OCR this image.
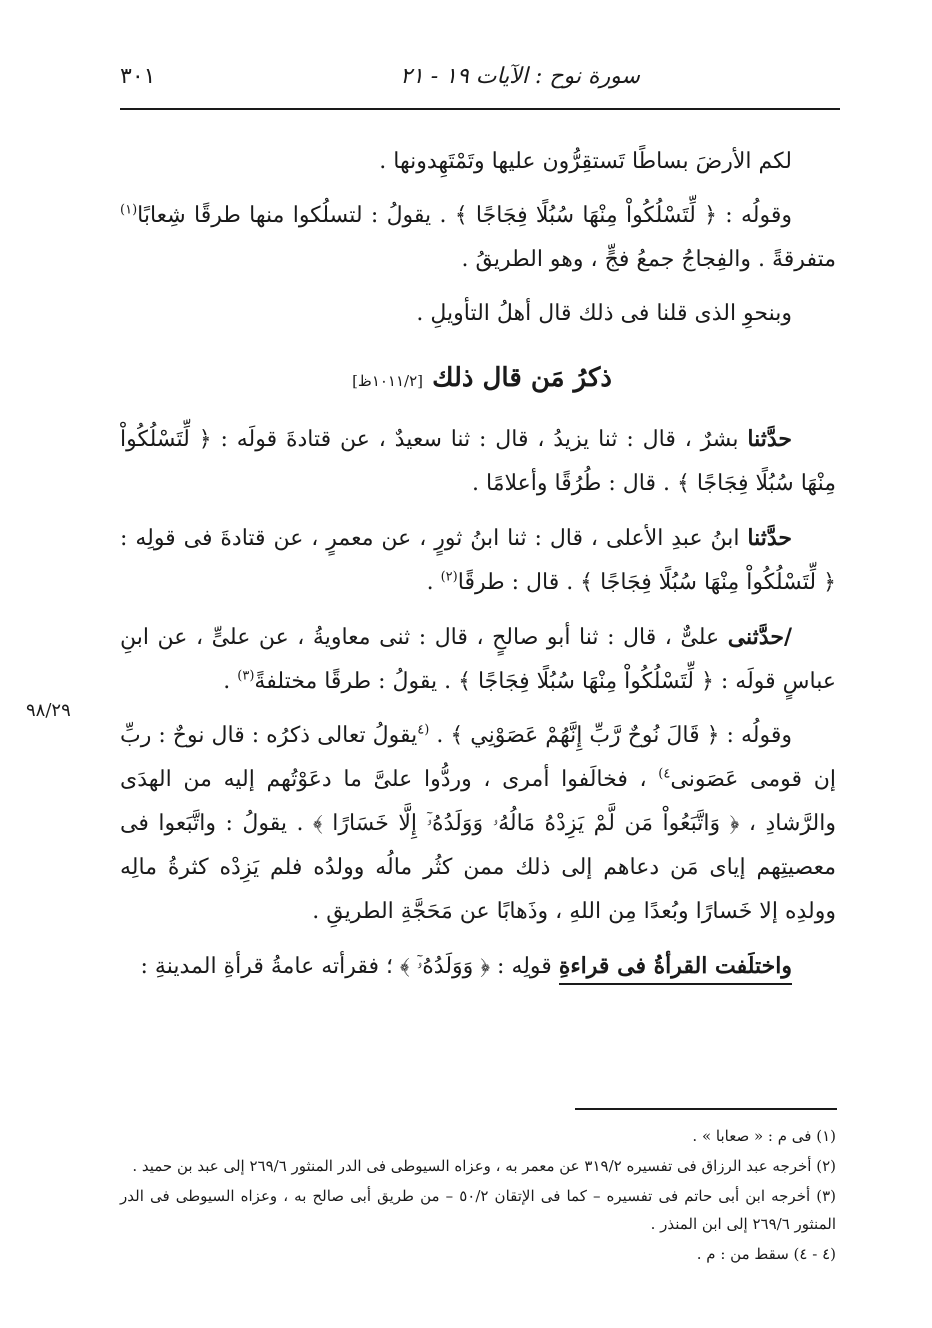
سورة نوح : الآيات ١٩ - ٢١
٣٠١
٩٨/٢٩

لكم الأرضَ بساطًا تَستقِرُّون عليها وتَمْتَهِدونها .

وقولُه : ﴿ لِّتَسْلُكُواْ مِنْهَا سُبُلًا فِجَاجًا ﴾ . يقولُ : لتسلُكوا منها طرقًا شِعابًا$^{(١)}$ متفرقةً . والفِجاجُ جمعُ فجٍّ ، وهو الطريقُ .

وبنحوِ الذى قلنا فى ذلك قال أهلُ التأويلِ .

ذكرُ مَن قال ذلك [١٠١١/٢ظ]

حدَّثنا بشرٌ ، قال : ثنا يزيدُ ، قال : ثنا سعيدٌ ، عن قتادةَ قولَه : ﴿ لِّتَسْلُكُواْ مِنْهَا سُبُلًا فِجَاجًا ﴾ . قال : طُرُقًا وأعلامًا .

حدَّثنا ابنُ عبدِ الأعلى ، قال : ثنا ابنُ ثورٍ ، عن معمرٍ ، عن قتادةَ فى قولِه : ﴿ لِّتَسْلُكُواْ مِنْهَا سُبُلًا فِجَاجًا ﴾ . قال : طرقًا$^{(٢)}$ .

/حدَّثنى علىٌّ ، قال : ثنا أبو صالحٍ ، قال : ثنى معاويةُ ، عن علىٍّ ، عن ابنِ عباسٍ قولَه : ﴿ لِّتَسْلُكُواْ مِنْهَا سُبُلًا فِجَاجًا ﴾ . يقولُ : طرقًا مختلفةً$^{(٣)}$ .

وقولُه : ﴿ قَالَ نُوحٌ رَّبِّ إِنَّهُمْ عَصَوْنِي ﴾ . $^{(٤}$يقولُ تعالى ذكرُه : قال نوحٌ : ربِّ إن قومى عَصَونى$^{٤)}$ ، فخالَفوا أمرى ، وردُّوا علىَّ ما دعَوْتُهم إليه من الهدَى والرَّشادِ ، ﴿ وَاتَّبَعُواْ مَن لَّمْ يَزِدْهُ مَالُهُۥ وَوَلَدُهُۥٓ إِلَّا خَسَارًا ﴾ . يقولُ : واتَّبَعوا فى معصيتِهم إياى مَن دعاهم إلى ذلك ممن كثُر مالُه وولدُه فلم يَزِدْه كثرةُ مالِه وولدِه إلا خَسارًا وبُعدًا مِن اللهِ ، وذَهابًا عن مَحَجَّةِ الطريقِ .

واختلَفت القرأةُ فى قراءةِ قولِه : ﴿ وَوَلَدُهُۥٓ ﴾ ؛ فقرأته عامةُ قرأةِ المدينةِ :

(١) فى م : « صعابا » .

(٢) أخرجه عبد الرزاق فى تفسيره ٣١٩/٢ عن معمر به ، وعزاه السيوطى فى الدر المنثور ٢٦٩/٦ إلى عبد بن حميد .

(٣) أخرجه ابن أبى حاتم فى تفسيره – كما فى الإتقان ٥٠/٢ – من طريق أبى صالح به ، وعزاه السيوطى فى الدر المنثور ٢٦٩/٦ إلى ابن المنذر .

(٤ - ٤) سقط من : م .
